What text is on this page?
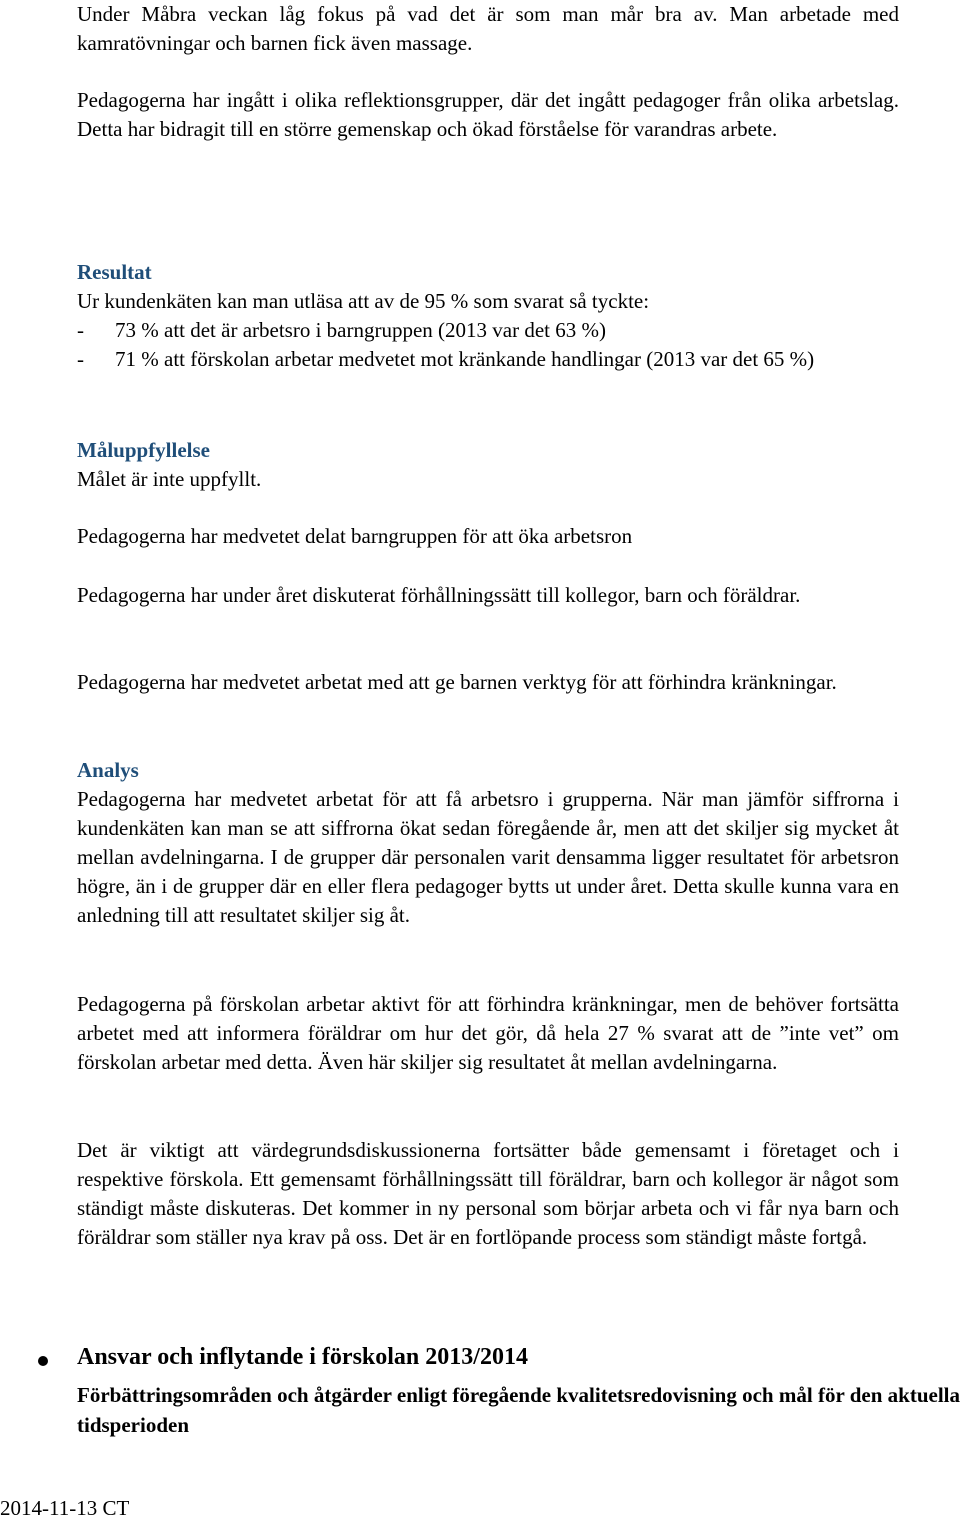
Under Måbra veckan låg fokus på vad det är som man mår bra av. Man arbetade med kamratövningar och barnen fick även massage.

Pedagogerna har ingått i olika reflektionsgrupper, där det ingått pedagoger från olika arbetslag. Detta har bidragit till en större gemenskap och ökad förståelse för varandras arbete.

Resultat
Ur kundenkäten kan man utläsa att av de 95 % som svarat så tyckte:
- 73 % att det är arbetsro i barngruppen (2013 var det 63 %)
- 71 % att förskolan arbetar medvetet mot kränkande handlingar (2013 var det 65 %)
Måluppfyllelse
Målet är inte uppfyllt.

Pedagogerna har medvetet delat barngruppen för att öka arbetsron

Pedagogerna har under året diskuterat förhållningssätt till kollegor, barn och föräldrar.

Pedagogerna har medvetet arbetat med att ge barnen verktyg för att förhindra kränkningar.

Analys

Pedagogerna har medvetet arbetat för att få arbetsro i grupperna. När man jämför siffrorna i kundenkäten kan man se att siffrorna ökat sedan föregående år, men att det skiljer sig mycket åt mellan avdelningarna. I de grupper där personalen varit densamma ligger resultatet för arbetsron högre, än i de grupper där en eller flera pedagoger bytts ut under året. Detta skulle kunna vara en anledning till att resultatet skiljer sig åt.

Pedagogerna på förskolan arbetar aktivt för att förhindra kränkningar, men de behöver fortsätta arbetet med att informera föräldrar om hur det gör, då hela 27 % svarat att de ”inte vet” om förskolan arbetar med detta. Även här skiljer sig resultatet åt mellan avdelningarna.

Det är viktigt att värdegrundsdiskussionerna fortsätter både gemensamt i företaget och i respektive förskola. Ett gemensamt förhållningssätt till föräldrar, barn och kollegor är något som ständigt måste diskuteras. Det kommer in ny personal som börjar arbeta och vi får nya barn och föräldrar som ställer nya krav på oss. Det är en fortlöpande process som ständigt måste fortgå.

Ansvar och inflytande i förskolan 2013/2014
Förbättringsområden och åtgärder enligt föregående kvalitetsredovisning och mål för den aktuella tidsperioden
2014-11-13 CT
